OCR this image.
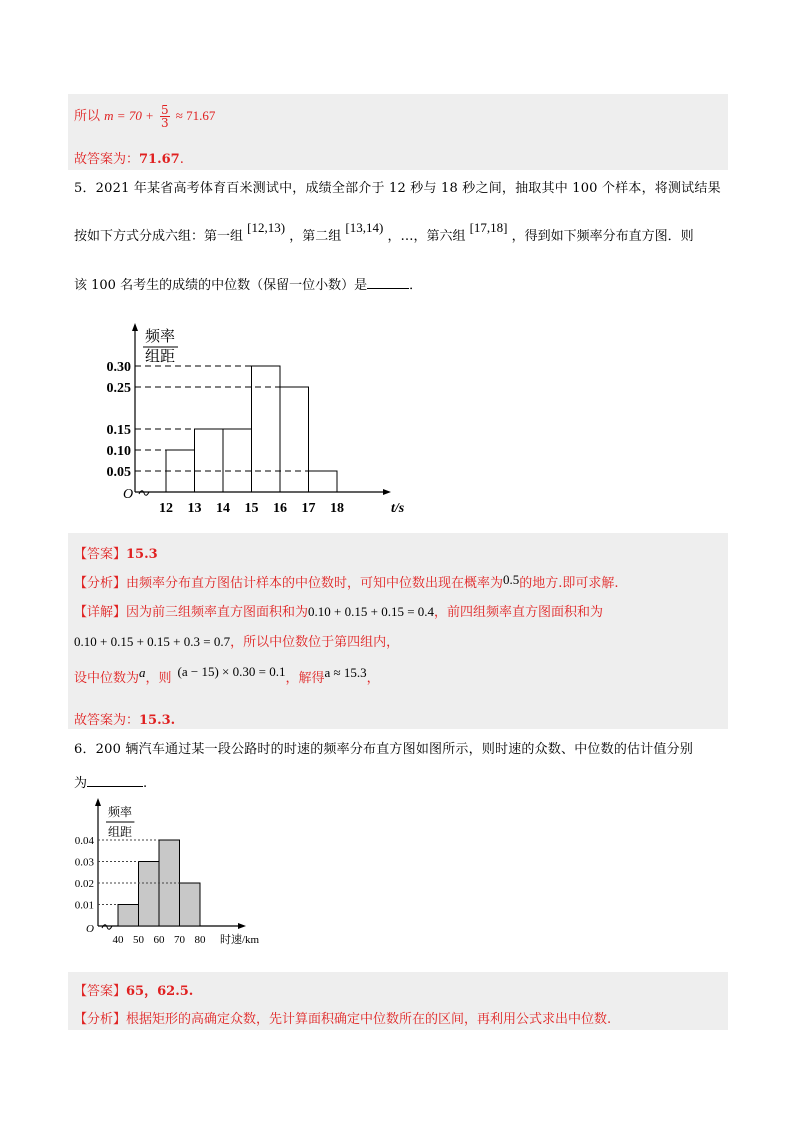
所以 $m = 70 + \frac{5}{3} \approx 71.67$
故答案为：71.67.
5．2021 年某省高考体育百米测试中，成绩全部介于 12 秒与 18 秒之间，抽取其中 100 个样本，将测试结果
按如下方式分成六组：第一组 [12,13) ，第二组 [13,14) ，…，第六组 [17,18] ，得到如下频率分布直方图．则
该 100 名考生的成绩的中位数（保留一位小数）是	．
频率
组距
O
0.30
0.25
0.15
0.10
0.05
12 13 14 15 16 17 18	t/s
【答案】15.3
【分析】由频率分布直方图估计样本的中位数时，可知中位数出现在概率为0.5的地方.即可求解.
【详解】因为前三组频率直方图面积和为0.10 + 0.15 + 0.15 = 0.4，前四组频率直方图面积和为
0.10 + 0.15 + 0.15 + 0.3 = 0.7，所以中位数位于第四组内，
设中位数为a，则 (a − 15) × 0.30 = 0.1，解得a ≈ 15.3，
故答案为：15.3.
6．200 辆汽车通过某一段公路时的时速的频率分布直方图如图所示，则时速的众数、中位数的估计值分别
为	.
频率
组距
O
0.04
0.03
0.02
0.01
40 50 60 70 80 时速/km
【答案】65，62.5.
【分析】根据矩形的高确定众数，先计算面积确定中位数所在的区间，再利用公式求出中位数.
